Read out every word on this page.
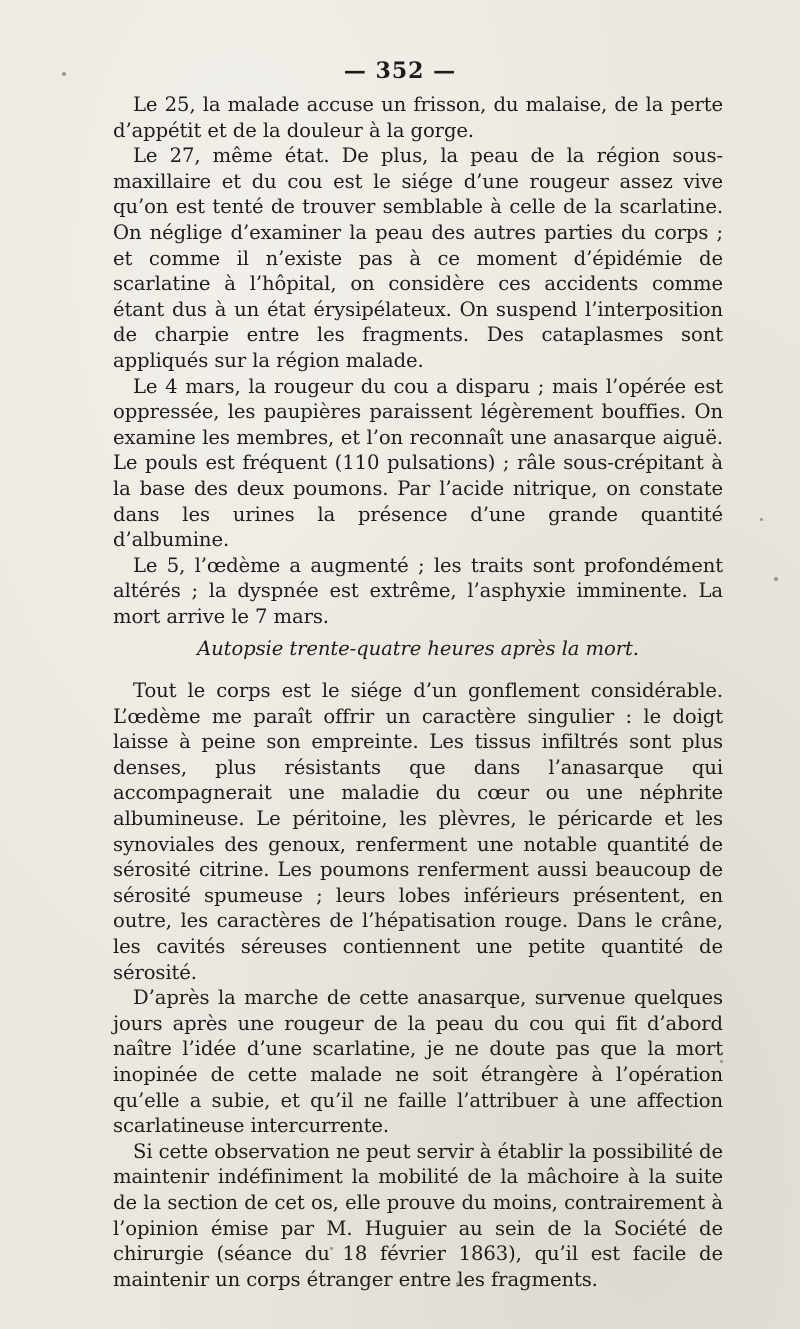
— 352 —

Le 25, la malade accuse un frisson, du malaise, de la perte d’appétit et de la douleur à la gorge.

Le 27, même état. De plus, la peau de la région sous-maxillaire et du cou est le siége d’une rougeur assez vive qu’on est tenté de trouver semblable à celle de la scarlatine. On néglige d’examiner la peau des autres parties du corps ; et comme il n’existe pas à ce moment d’épidémie de scarlatine à l’hôpital, on considère ces accidents comme étant dus à un état érysipélateux. On suspend l’interposition de charpie entre les fragments. Des cataplasmes sont appliqués sur la région malade.

Le 4 mars, la rougeur du cou a disparu ; mais l’opérée est oppressée, les paupières paraissent légèrement bouffies. On examine les membres, et l’on reconnaît une anasarque aiguë. Le pouls est fréquent (110 pulsations) ; râle sous-crépitant à la base des deux poumons. Par l’acide nitrique, on constate dans les urines la présence d’une grande quantité d’albumine.

Le 5, l’œdème a augmenté ; les traits sont profondément altérés ; la dyspnée est extrême, l’asphyxie imminente. La mort arrive le 7 mars.

Autopsie trente-quatre heures après la mort.

Tout le corps est le siége d’un gonflement considérable. L’œdème me paraît offrir un caractère singulier : le doigt laisse à peine son empreinte. Les tissus infiltrés sont plus denses, plus résistants que dans l’anasarque qui accompagnerait une maladie du cœur ou une néphrite albumineuse. Le péritoine, les plèvres, le péricarde et les synoviales des genoux, renferment une notable quantité de sérosité citrine. Les poumons renferment aussi beaucoup de sérosité spumeuse ; leurs lobes inférieurs présentent, en outre, les caractères de l’hépatisation rouge. Dans le crâne, les cavités séreuses contiennent une petite quantité de sérosité.

D’après la marche de cette anasarque, survenue quelques jours après une rougeur de la peau du cou qui fit d’abord naître l’idée d’une scarlatine, je ne doute pas que la mort inopinée de cette malade ne soit étrangère à l’opération qu’elle a subie, et qu’il ne faille l’attribuer à une affection scarlatineuse intercurrente.

Si cette observation ne peut servir à établir la possibilité de maintenir indéfiniment la mobilité de la mâchoire à la suite de la section de cet os, elle prouve du moins, contrairement à l’opinion émise par M. Huguier au sein de la Société de chirurgie (séance du 18 février 1863), qu’il est facile de maintenir un corps étranger entre les fragments.
